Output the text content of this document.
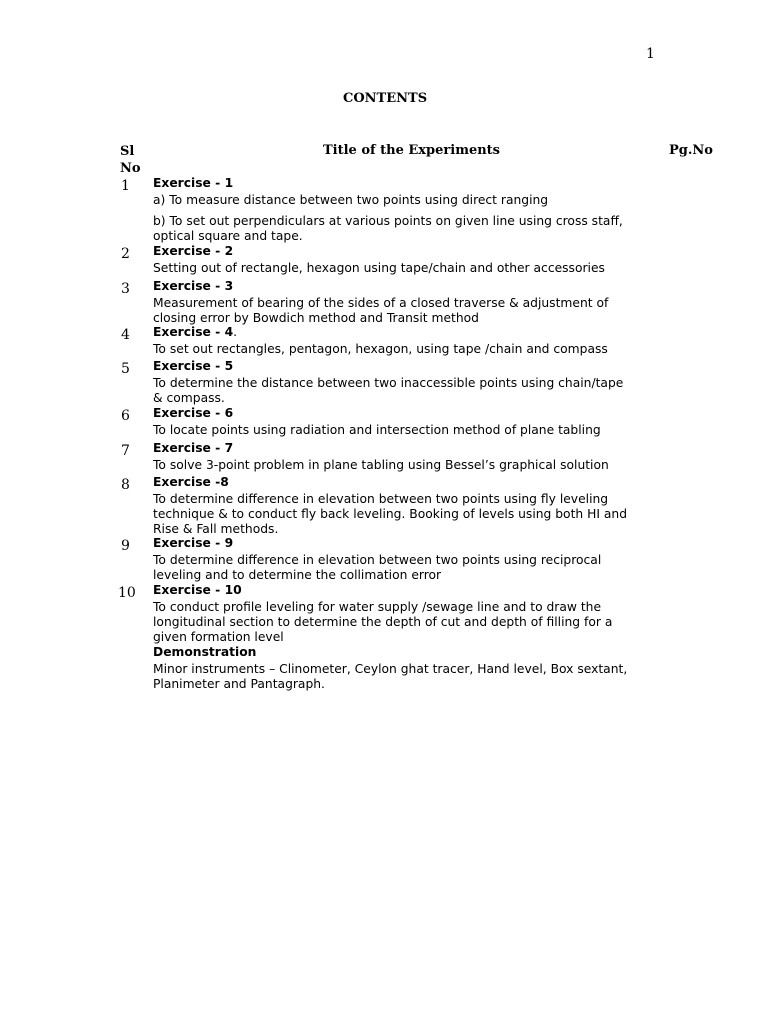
1
CONTENTS
Sl
No
Title of the Experiments	Pg.No
1 Exercise - 1
a) To measure distance between two points using direct ranging
b) To set out perpendiculars at various points on given line using cross staff,
optical square and tape.
2 Exercise - 2
Setting out of rectangle, hexagon using tape/chain and other accessories
3 Exercise - 3
Measurement of bearing of the sides of a closed traverse & adjustment of
closing error by Bowdich method and Transit method
4 Exercise - 4.
To set out rectangles, pentagon, hexagon, using tape /chain and compass
5 Exercise - 5
To determine the distance between two inaccessible points using chain/tape
& compass.
6 Exercise - 6
To locate points using radiation and intersection method of plane tabling
7 Exercise - 7
To solve 3-point problem in plane tabling using Bessel’s graphical solution
8 Exercise -8
To determine difference in elevation between two points using fly leveling
technique & to conduct fly back leveling. Booking of levels using both HI and
Rise & Fall methods.
9 Exercise - 9
To determine difference in elevation between two points using reciprocal
leveling and to determine the collimation error
10 Exercise - 10
To conduct profile leveling for water supply /sewage line and to draw the
longitudinal section to determine the depth of cut and depth of filling for a
given formation level
Demonstration
Minor instruments – Clinometer, Ceylon ghat tracer, Hand level, Box sextant,
Planimeter and Pantagraph.
